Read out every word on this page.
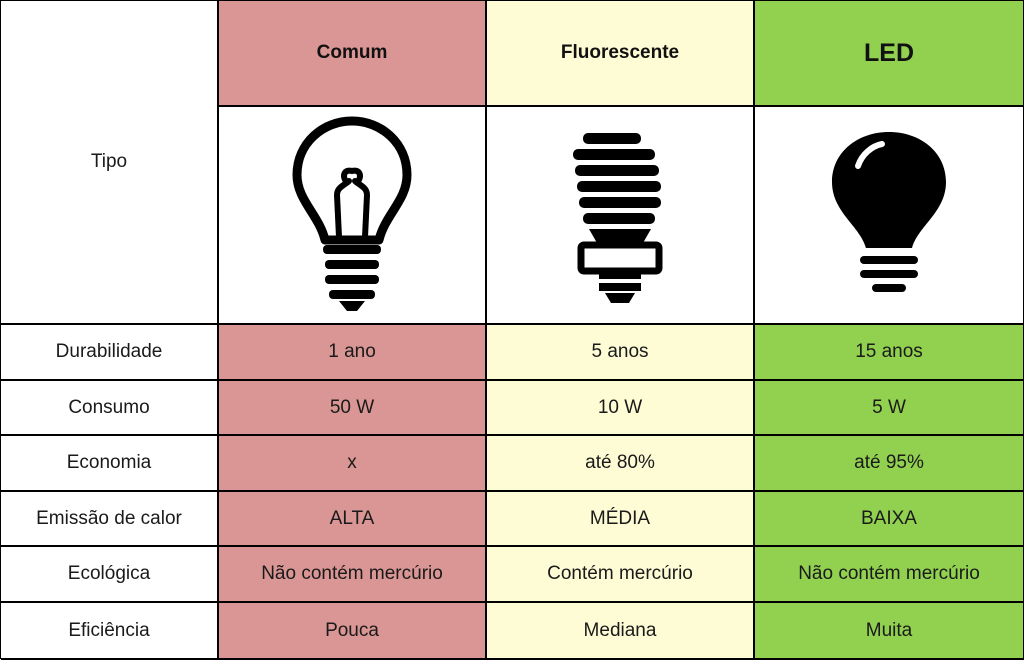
Tipo
Comum	Fluorescente	LED
Durabilidade	1 ano	5 anos	15 anos
Consumo	50 W	10 W	5 W
Economia	x	até 80%	até 95%
Emissão de calor	ALTA	MÉDIA	BAIXA
Ecológica	Não contém mercúrio	Contém mercúrio	Não contém mercúrio
Eficiência	Pouca	Mediana	Muita
